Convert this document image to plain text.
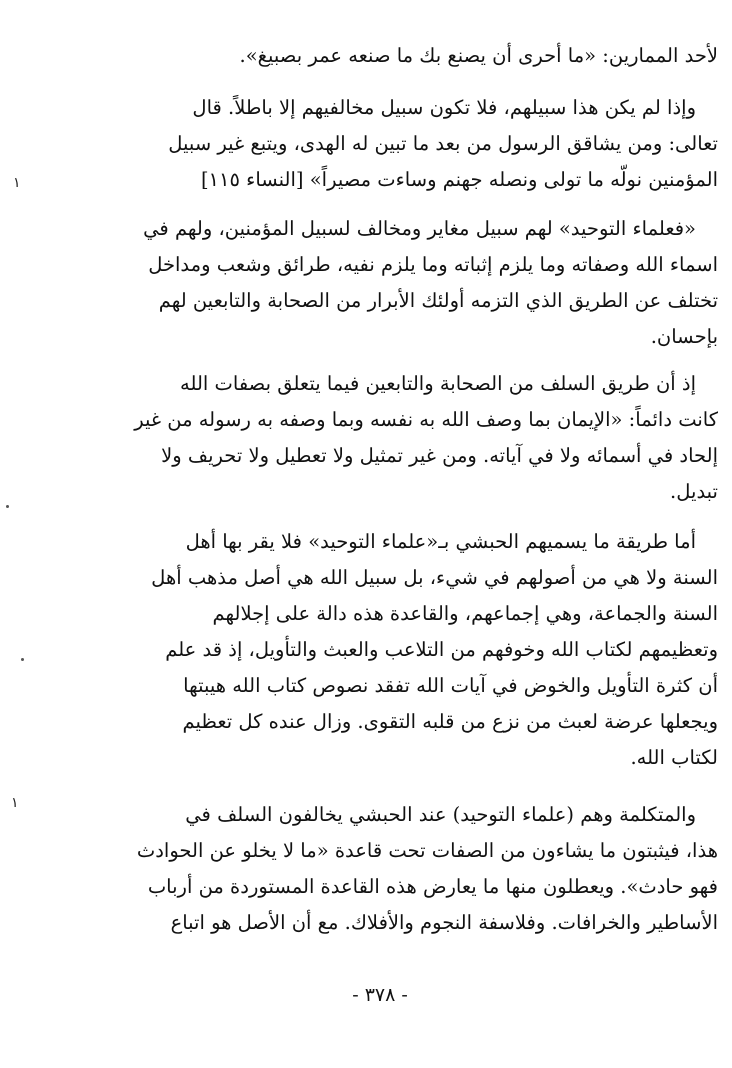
لأحد الممارين: «ما أحرى أن يصنع بك ما صنعه عمر بصبيغ».
وإذا لم يكن هذا سبيلهم، فلا تكون سبيل مخالفيهم إلا باطلاً. قال
تعالى: ومن يشاقق الرسول من بعد ما تبين له الهدى، ويتبع غير سبيل
المؤمنين نولّه ما تولى ونصله جهنم وساءت مصيراً» [النساء ١١٥]
«فعلماء التوحيد» لهم سبيل مغاير ومخالف لسبيل المؤمنين، ولهم في
اسماء الله وصفاته وما يلزم إثباته وما يلزم نفيه، طرائق وشعب ومداخل
تختلف عن الطريق الذي التزمه أولئك الأبرار من الصحابة والتابعين لهم
بإحسان.
إذ أن طريق السلف من الصحابة والتابعين فيما يتعلق بصفات الله
كانت دائماً: «الإيمان بما وصف الله به نفسه وبما وصفه به رسوله من غير
إلحاد في أسمائه ولا في آياته. ومن غير تمثيل ولا تعطيل ولا تحريف ولا
تبديل.
أما طريقة ما يسميهم الحبشي بـ«علماء التوحيد» فلا يقر بها أهل
السنة ولا هي من أصولهم في شيء، بل سبيل الله هي أصل مذهب أهل
السنة والجماعة، وهي إجماعهم، والقاعدة هذه دالة على إجلالهم
وتعظيمهم لكتاب الله وخوفهم من التلاعب والعبث والتأويل، إذ قد علم
أن كثرة التأويل والخوض في آيات الله تفقد نصوص كتاب الله هيبتها
ويجعلها عرضة لعبث من نزع من قلبه التقوى. وزال عنده كل تعظيم
لكتاب الله.
والمتكلمة وهم (علماء التوحيد) عند الحبشي يخالفون السلف في
هذا، فيثبتون ما يشاءون من الصفات تحت قاعدة «ما لا يخلو عن الحوادث
فهو حادث». ويعطلون منها ما يعارض هذه القاعدة المستوردة من أرباب
الأساطير والخرافات. وفلاسفة النجوم والأفلاك. مع أن الأصل هو اتباع
- ٣٧٨ -
١
١
